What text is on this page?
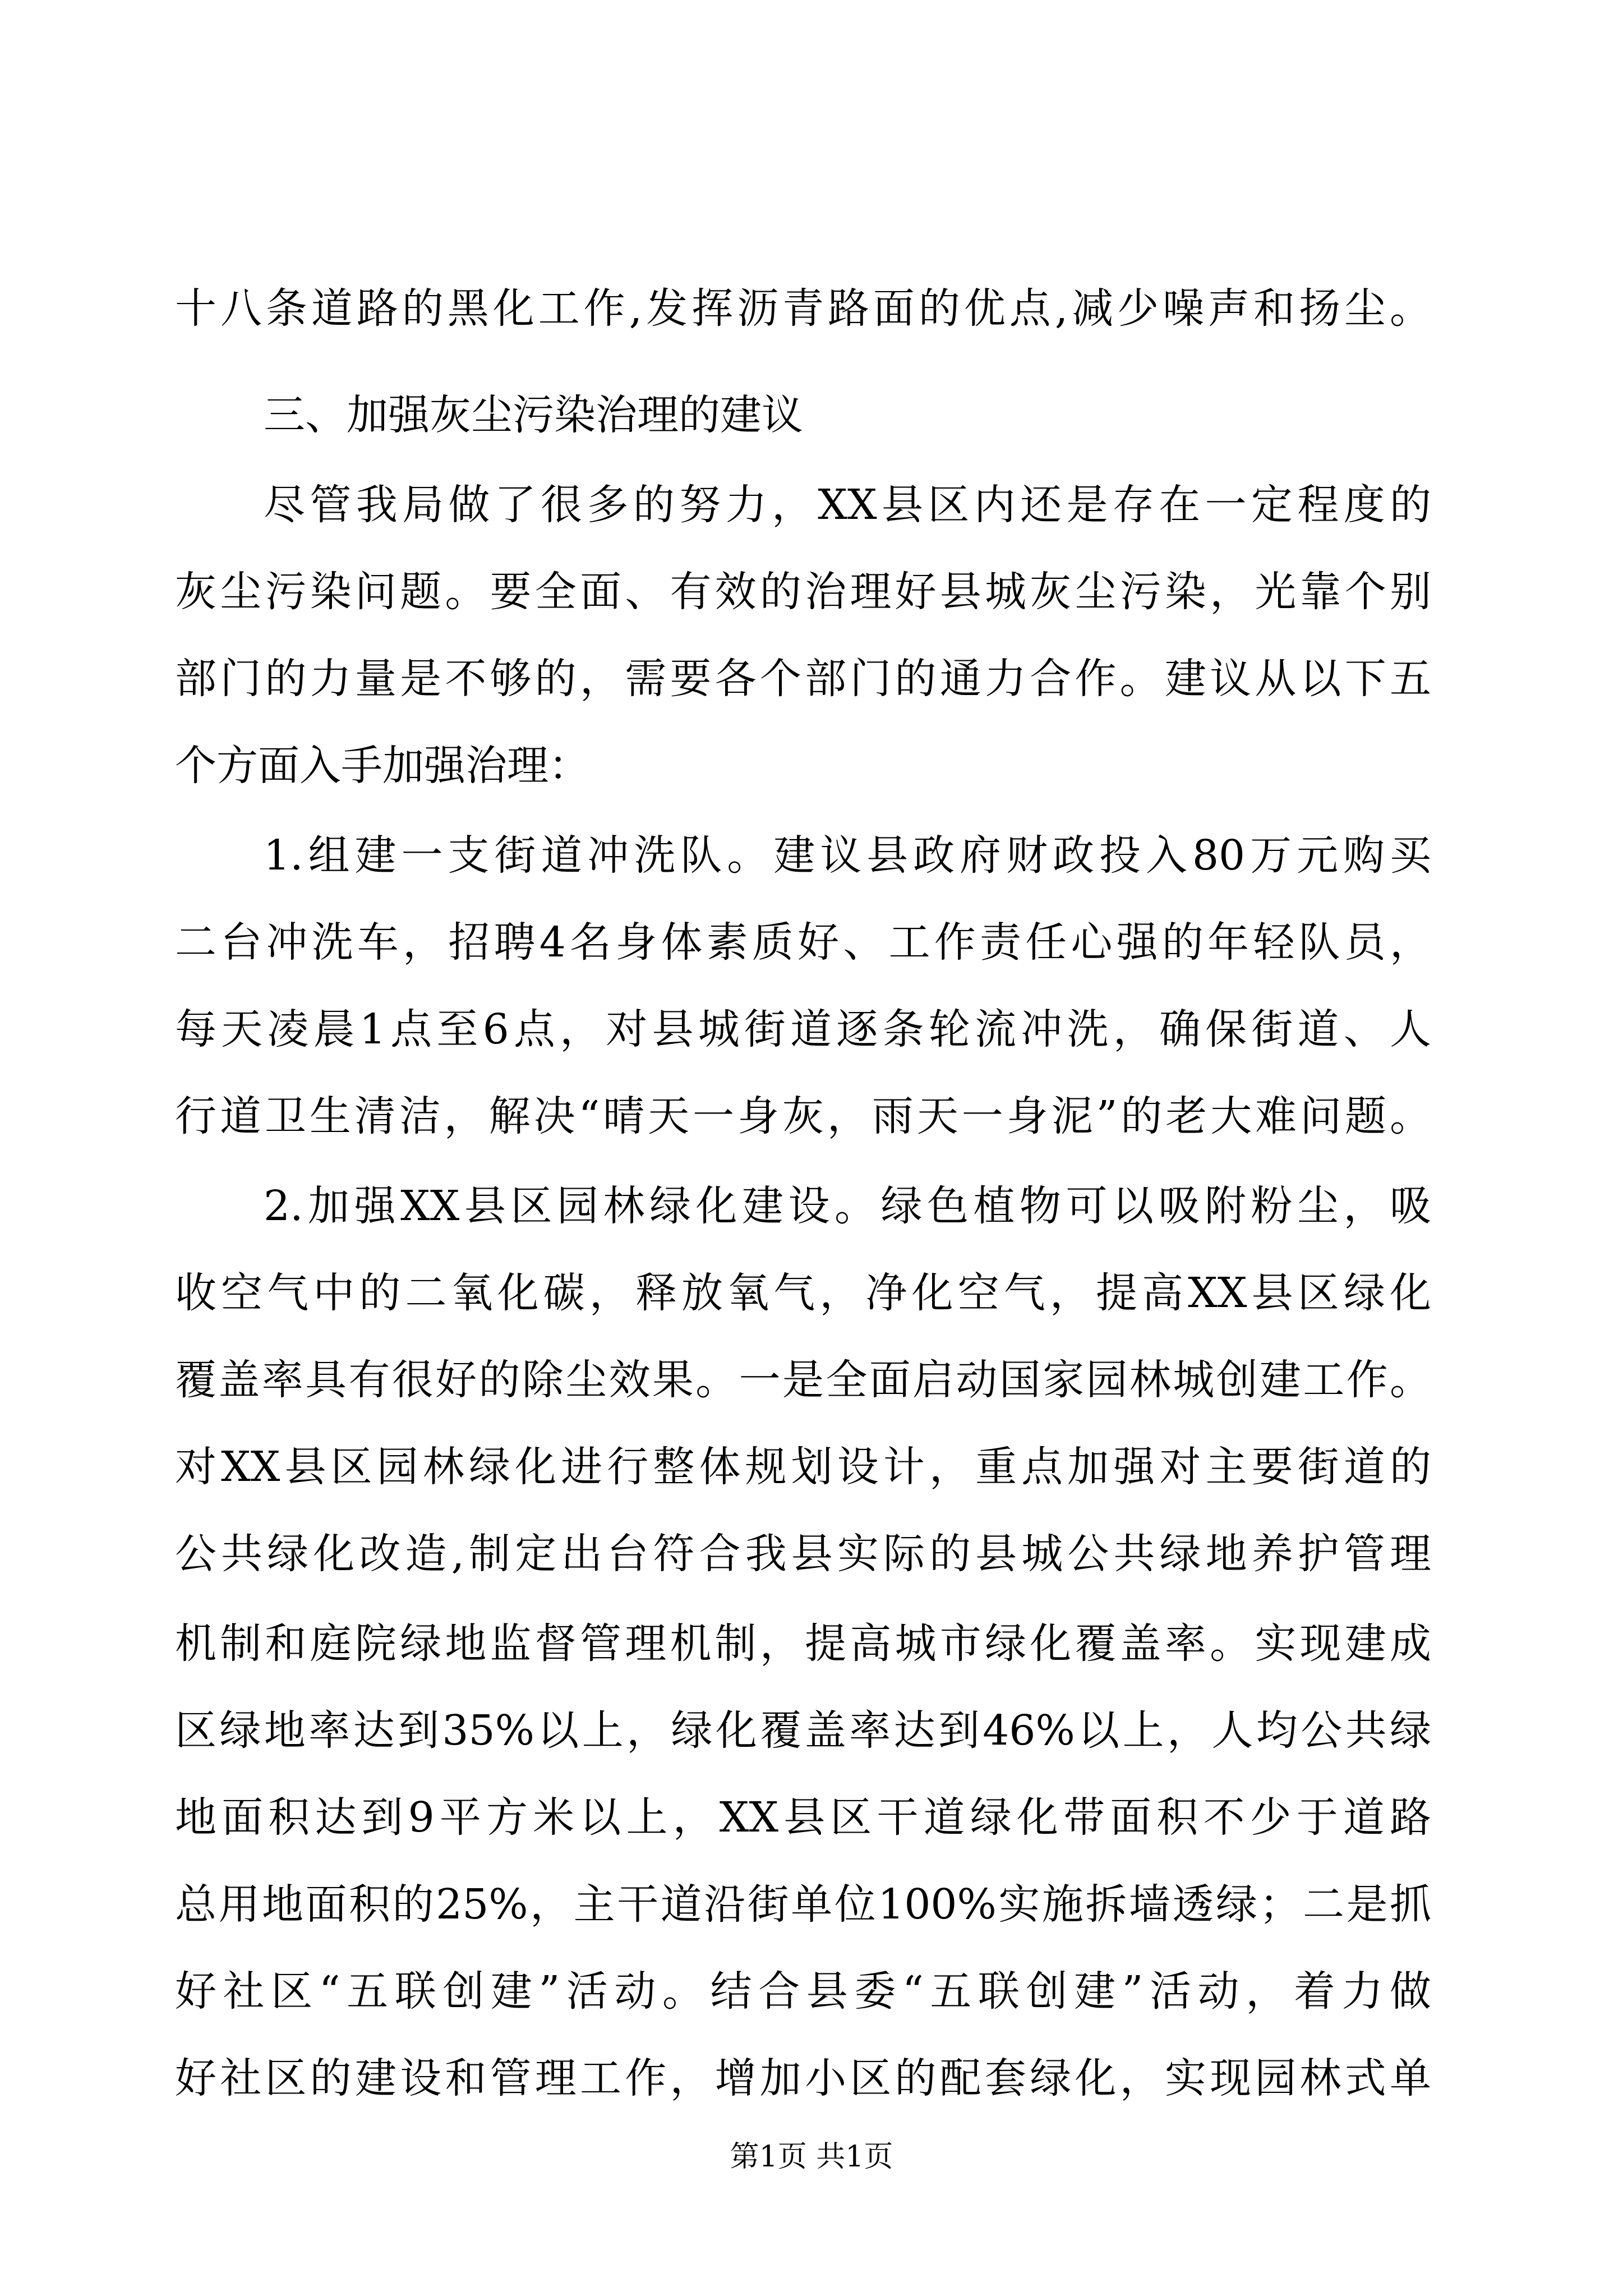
十八条道路的黑化工作,发挥沥青路面的优点,减少噪声和扬尘。
三、加强灰尘污染治理的建议
尽管我局做了很多的努力，XX县区内还是存在一定程度的
灰尘污染问题。要全面、有效的治理好县城灰尘污染，光靠个别
部门的力量是不够的，需要各个部门的通力合作。建议从以下五
个方面入手加强治理：
1.组建一支街道冲洗队。建议县政府财政投入80万元购买
二台冲洗车，招聘4名身体素质好、工作责任心强的年轻队员，
每天凌晨1点至6点，对县城街道逐条轮流冲洗，确保街道、人
行道卫生清洁，解决“晴天一身灰，雨天一身泥”的老大难问题。
2.加强XX县区园林绿化建设。绿色植物可以吸附粉尘，吸
收空气中的二氧化碳，释放氧气，净化空气，提高XX县区绿化
覆盖率具有很好的除尘效果。一是全面启动国家园林城创建工作。
对XX县区园林绿化进行整体规划设计，重点加强对主要街道的
公共绿化改造,制定出台符合我县实际的县城公共绿地养护管理
机制和庭院绿地监督管理机制，提高城市绿化覆盖率。实现建成
区绿地率达到35%以上，绿化覆盖率达到46%以上，人均公共绿
地面积达到9平方米以上，XX县区干道绿化带面积不少于道路
总用地面积的25%，主干道沿街单位100%实施拆墙透绿；二是抓
好社区“五联创建”活动。结合县委“五联创建”活动，着力做
好社区的建设和管理工作，增加小区的配套绿化，实现园林式单
第1页 共1页
